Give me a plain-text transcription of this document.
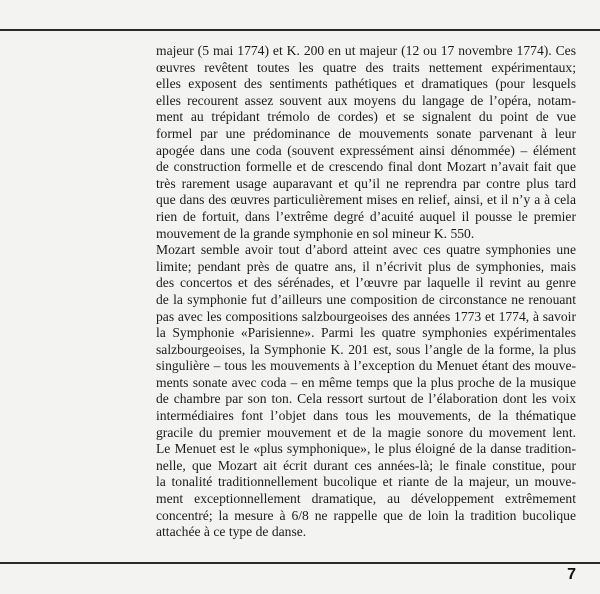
majeur (5 mai 1774) et K. 200 en ut majeur (12 ou 17 novembre 1774). Ces
œuvres revêtent toutes les quatre des traits nettement expérimentaux;
elles exposent des sentiments pathétiques et dramatiques (pour lesquels
elles recourent assez souvent aux moyens du langage de l’opéra, notam-
ment au trépidant trémolo de cordes) et se signalent du point de vue
formel par une prédominance de mouvements sonate parvenant à leur
apogée dans une coda (souvent expressément ainsi dénommée) – élément
de construction formelle et de crescendo final dont Mozart n’avait fait que
très rarement usage auparavant et qu’il ne reprendra par contre plus tard
que dans des œuvres particulièrement mises en relief, ainsi, et il n’y a à cela
rien de fortuit, dans l’extrême degré d’acuité auquel il pousse le premier
mouvement de la grande symphonie en sol mineur K. 550.

Mozart semble avoir tout d’abord atteint avec ces quatre symphonies une
limite; pendant près de quatre ans, il n’écrivit plus de symphonies, mais
des concertos et des sérénades, et l’œuvre par laquelle il revint au genre
de la symphonie fut d’ailleurs une composition de circonstance ne renouant
pas avec les compositions salzbourgeoises des années 1773 et 1774, à savoir
la Symphonie «Parisienne». Parmi les quatre symphonies expérimentales
salzbourgeoises, la Symphonie K. 201 est, sous l’angle de la forme, la plus
singulière – tous les mouvements à l’exception du Menuet étant des mouve-
ments sonate avec coda – en même temps que la plus proche de la musique
de chambre par son ton. Cela ressort surtout de l’élaboration dont les voix
intermédiaires font l’objet dans tous les mouvements, de la thématique
gracile du premier mouvement et de la magie sonore du movement lent.
Le Menuet est le «plus symphonique», le plus éloigné de la danse tradition-
nelle, que Mozart ait écrit durant ces années-là; le finale constitue, pour
la tonalité traditionnellement bucolique et riante de la majeur, un mouve-
ment exceptionnellement dramatique, au développement extrêmement
concentré; la mesure à 6/8 ne rappelle que de loin la tradition bucolique
attachée à ce type de danse.

7
